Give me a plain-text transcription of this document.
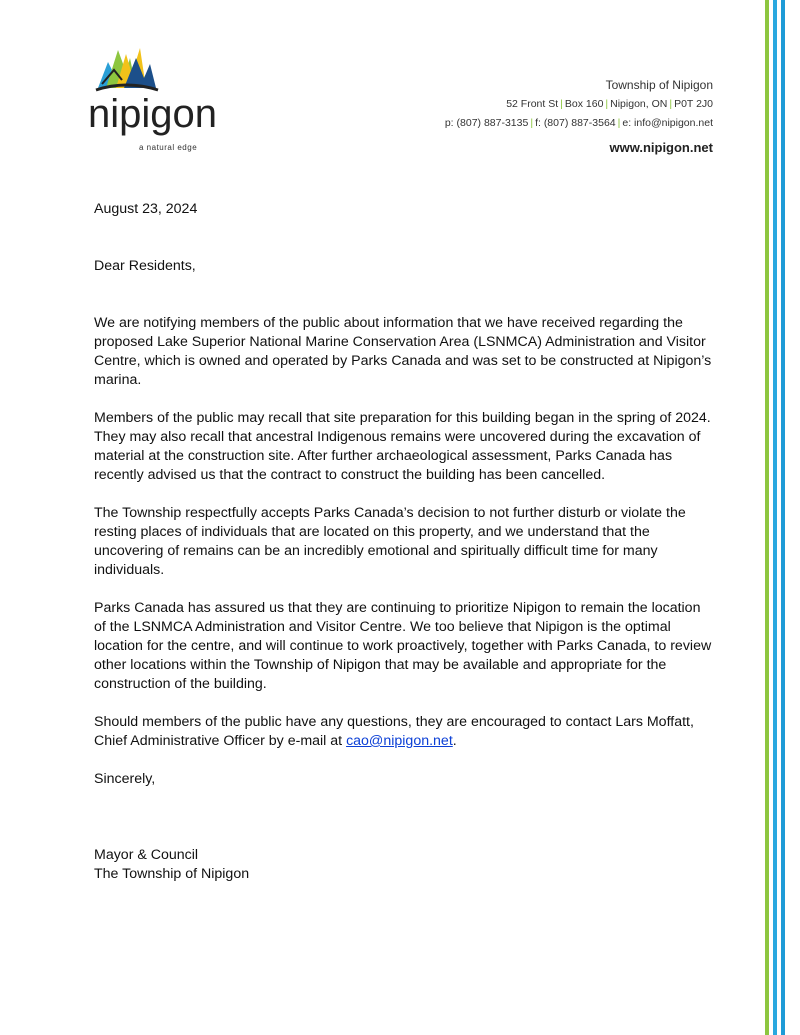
nipigon
a natural edge
Township of Nipigon
52 Front St | Box 160 | Nipigon, ON | P0T 2J0
p: (807) 887-3135 | f: (807) 887-3564 | e: info@nipigon.net
www.nipigon.net

August 23, 2024

Dear Residents,

We are notifying members of the public about information that we have received regarding the proposed Lake Superior National Marine Conservation Area (LSNMCA) Administration and Visitor Centre, which is owned and operated by Parks Canada and was set to be constructed at Nipigon’s marina.

Members of the public may recall that site preparation for this building began in the spring of 2024. They may also recall that ancestral Indigenous remains were uncovered during the excavation of material at the construction site. After further archaeological assessment, Parks Canada has recently advised us that the contract to construct the building has been cancelled.

The Township respectfully accepts Parks Canada’s decision to not further disturb or violate the resting places of individuals that are located on this property, and we understand that the uncovering of remains can be an incredibly emotional and spiritually difficult time for many individuals.

Parks Canada has assured us that they are continuing to prioritize Nipigon to remain the location of the LSNMCA Administration and Visitor Centre. We too believe that Nipigon is the optimal location for the centre, and will continue to work proactively, together with Parks Canada, to review other locations within the Township of Nipigon that may be available and appropriate for the construction of the building.

Should members of the public have any questions, they are encouraged to contact Lars Moffatt, Chief Administrative Officer by e-mail at cao@nipigon.net.

Sincerely,

Mayor & Council

The Township of Nipigon
